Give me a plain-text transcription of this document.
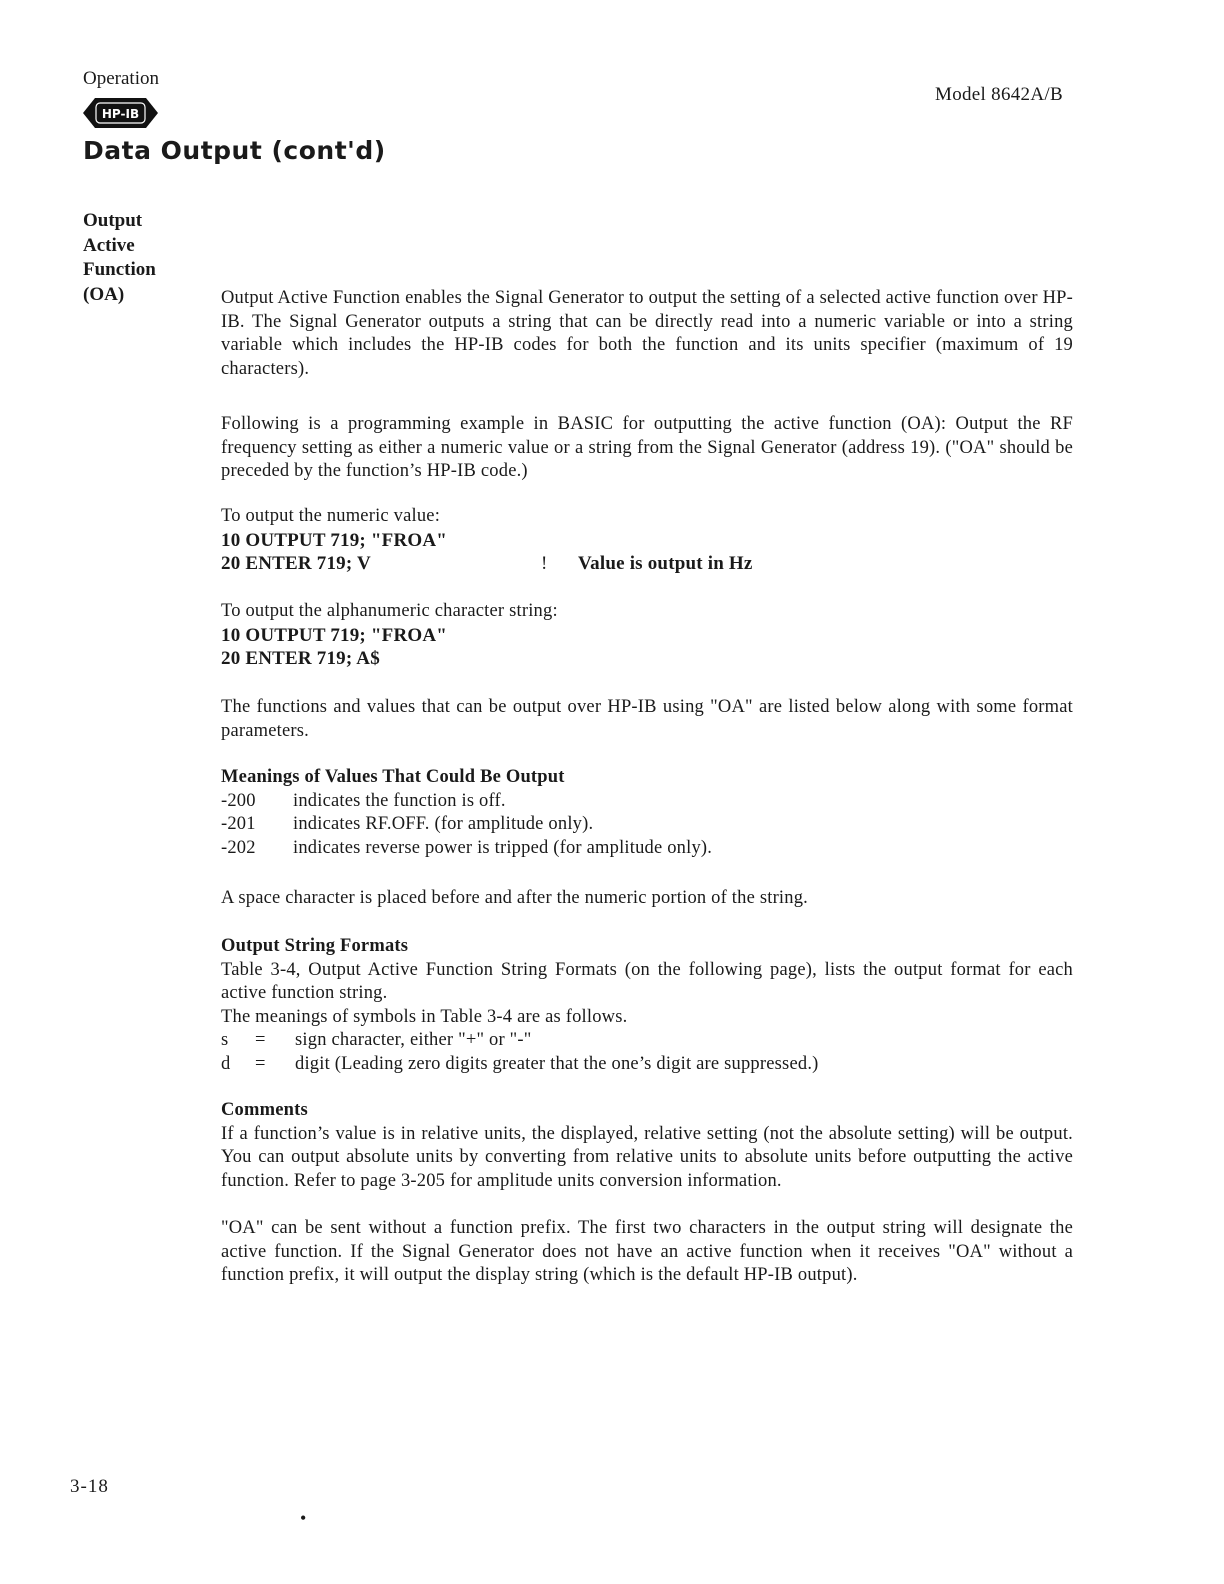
Operation
Model 8642A/B
HP-IB
Data Output (cont'd)
Output
Active
Function
(OA)	Output Active Function enables the Signal Generator to output the setting of a selected active function over HP-IB. The Signal Generator outputs a string that can be directly read into a numeric variable or into a string variable which includes the HP-IB codes for both the function and its units specifier (maximum of 19 characters).

Following is a programming example in BASIC for outputting the active function (OA): Output the RF frequency setting as either a numeric value or a string from the Signal Generator (address 19). ("OA" should be preceded by the function’s HP-IB code.)

To output the numeric value:

10 OUTPUT 719; "FROA"
20 ENTER 719; V	!	Value is output in Hz

To output the alphanumeric character string:

10 OUTPUT 719; "FROA"
20 ENTER 719; A$

The functions and values that can be output over HP-IB using "OA" are listed below along with some format parameters.

Meanings of Values That Could Be Output
-200	indicates the function is off.
-201	indicates RF.OFF. (for amplitude only).
-202	indicates reverse power is tripped (for amplitude only).

A space character is placed before and after the numeric portion of the string.

Output String Formats

Table 3-4, Output Active Function String Formats (on the following page), lists the output format for each active function string.

The meanings of symbols in Table 3-4 are as follows.

s	=	sign character, either "+" or "-"
d	=	digit (Leading zero digits greater that the one’s digit are suppressed.)
Comments

If a function’s value is in relative units, the displayed, relative setting (not the absolute setting) will be output. You can output absolute units by converting from relative units to absolute units before outputting the active function. Refer to page 3-205 for amplitude units conversion information.

"OA" can be sent without a function prefix. The first two characters in the output string will designate the active function. If the Signal Generator does not have an active function when it receives "OA" without a function prefix, it will output the display string (which is the default HP-IB output).

3-18
•
